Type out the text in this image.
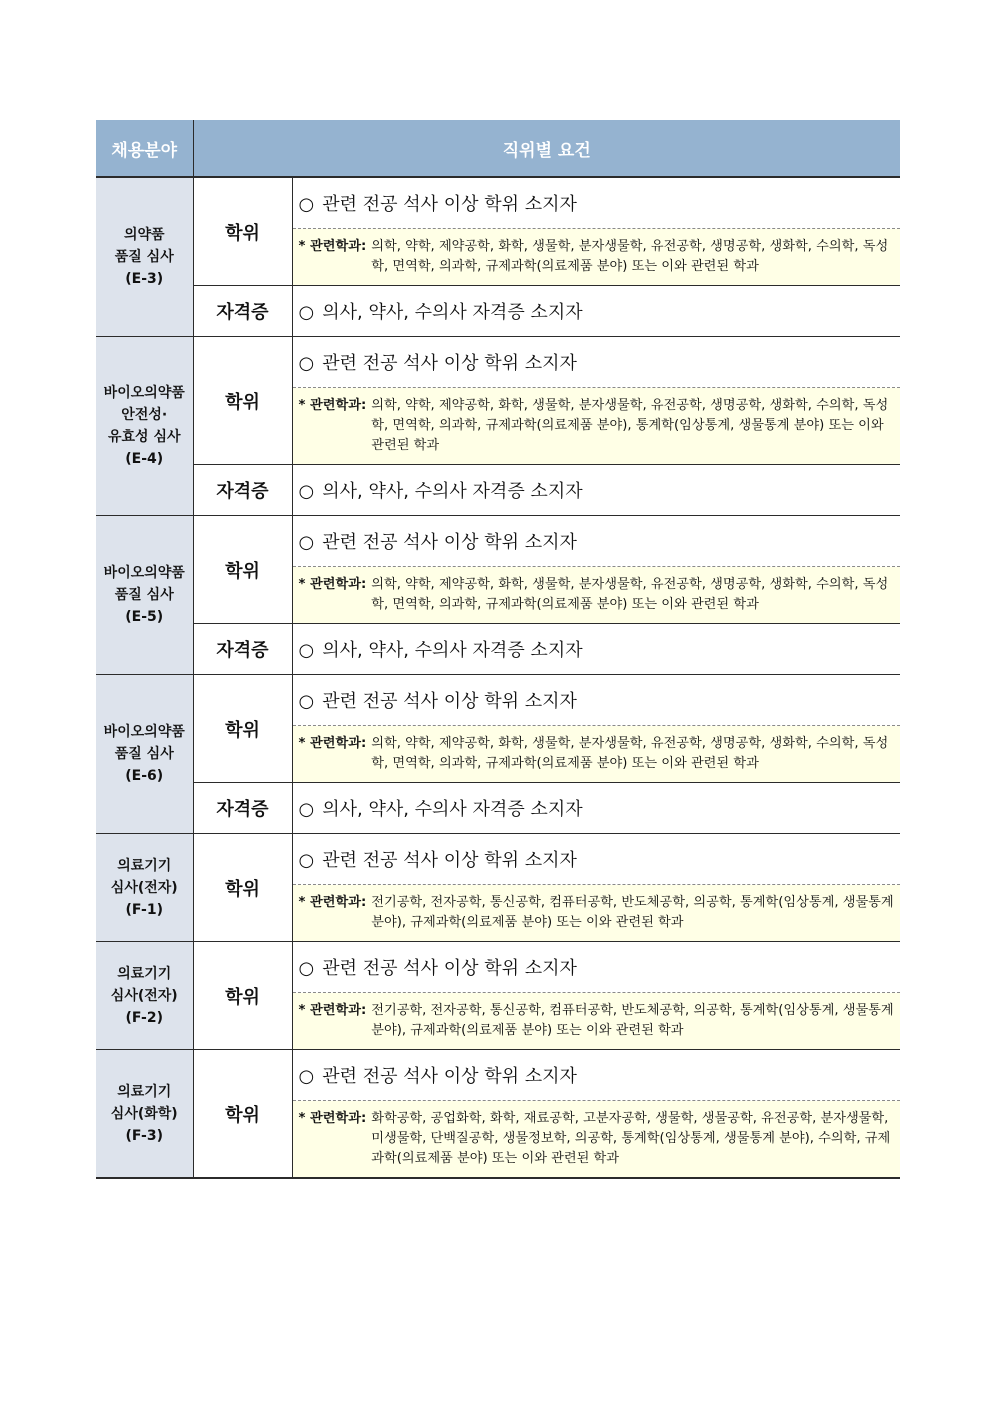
채용분야	직위별 요건	

의약품
품질 심사
(E-3)	학위	○ 관련 전공 석사 이상 학위 소지자

		* 관련학과: 의학, 약학, 제약공학, 화학, 생물학, 분자생물학, 유전공학, 생명공학, 생화학, 수의학, 독성학, 면역학, 의과학, 규제과학(의료제품 분야) 또는 이와 관련된 학과

	자격증	○ 의사, 약사, 수의사 자격증 소지자

바이오의약품
안전성·
유효성 심사
(E-4)	학위	○ 관련 전공 석사 이상 학위 소지자

		* 관련학과: 의학, 약학, 제약공학, 화학, 생물학, 분자생물학, 유전공학, 생명공학, 생화학, 수의학, 독성학, 면역학, 의과학, 규제과학(의료제품 분야), 통계학(임상통계, 생물통계 분야) 또는 이와 관련된 학과

	자격증	○ 의사, 약사, 수의사 자격증 소지자

바이오의약품
품질 심사
(E-5)	학위	○ 관련 전공 석사 이상 학위 소지자

		* 관련학과: 의학, 약학, 제약공학, 화학, 생물학, 분자생물학, 유전공학, 생명공학, 생화학, 수의학, 독성학, 면역학, 의과학, 규제과학(의료제품 분야) 또는 이와 관련된 학과

	자격증	○ 의사, 약사, 수의사 자격증 소지자

바이오의약품
품질 심사
(E-6)	학위	○ 관련 전공 석사 이상 학위 소지자

		* 관련학과: 의학, 약학, 제약공학, 화학, 생물학, 분자생물학, 유전공학, 생명공학, 생화학, 수의학, 독성학, 면역학, 의과학, 규제과학(의료제품 분야) 또는 이와 관련된 학과

	자격증	○ 의사, 약사, 수의사 자격증 소지자

의료기기
심사(전자)
(F-1)	학위	○ 관련 전공 석사 이상 학위 소지자

		* 관련학과: 전기공학, 전자공학, 통신공학, 컴퓨터공학, 반도체공학, 의공학, 통계학(임상통계, 생물통계 분야), 규제과학(의료제품 분야) 또는 이와 관련된 학과

의료기기
심사(전자)
(F-2)	학위	○ 관련 전공 석사 이상 학위 소지자

		* 관련학과: 전기공학, 전자공학, 통신공학, 컴퓨터공학, 반도체공학, 의공학, 통계학(임상통계, 생물통계 분야), 규제과학(의료제품 분야) 또는 이와 관련된 학과

의료기기
심사(화학)
(F-3)	학위	○ 관련 전공 석사 이상 학위 소지자

		* 관련학과: 화학공학, 공업화학, 화학, 재료공학, 고분자공학, 생물학, 생물공학, 유전공학, 분자생물학, 미생물학, 단백질공학, 생물정보학, 의공학, 통계학(임상통계, 생물통계 분야), 수의학, 규제과학(의료제품 분야) 또는 이와 관련된 학과
